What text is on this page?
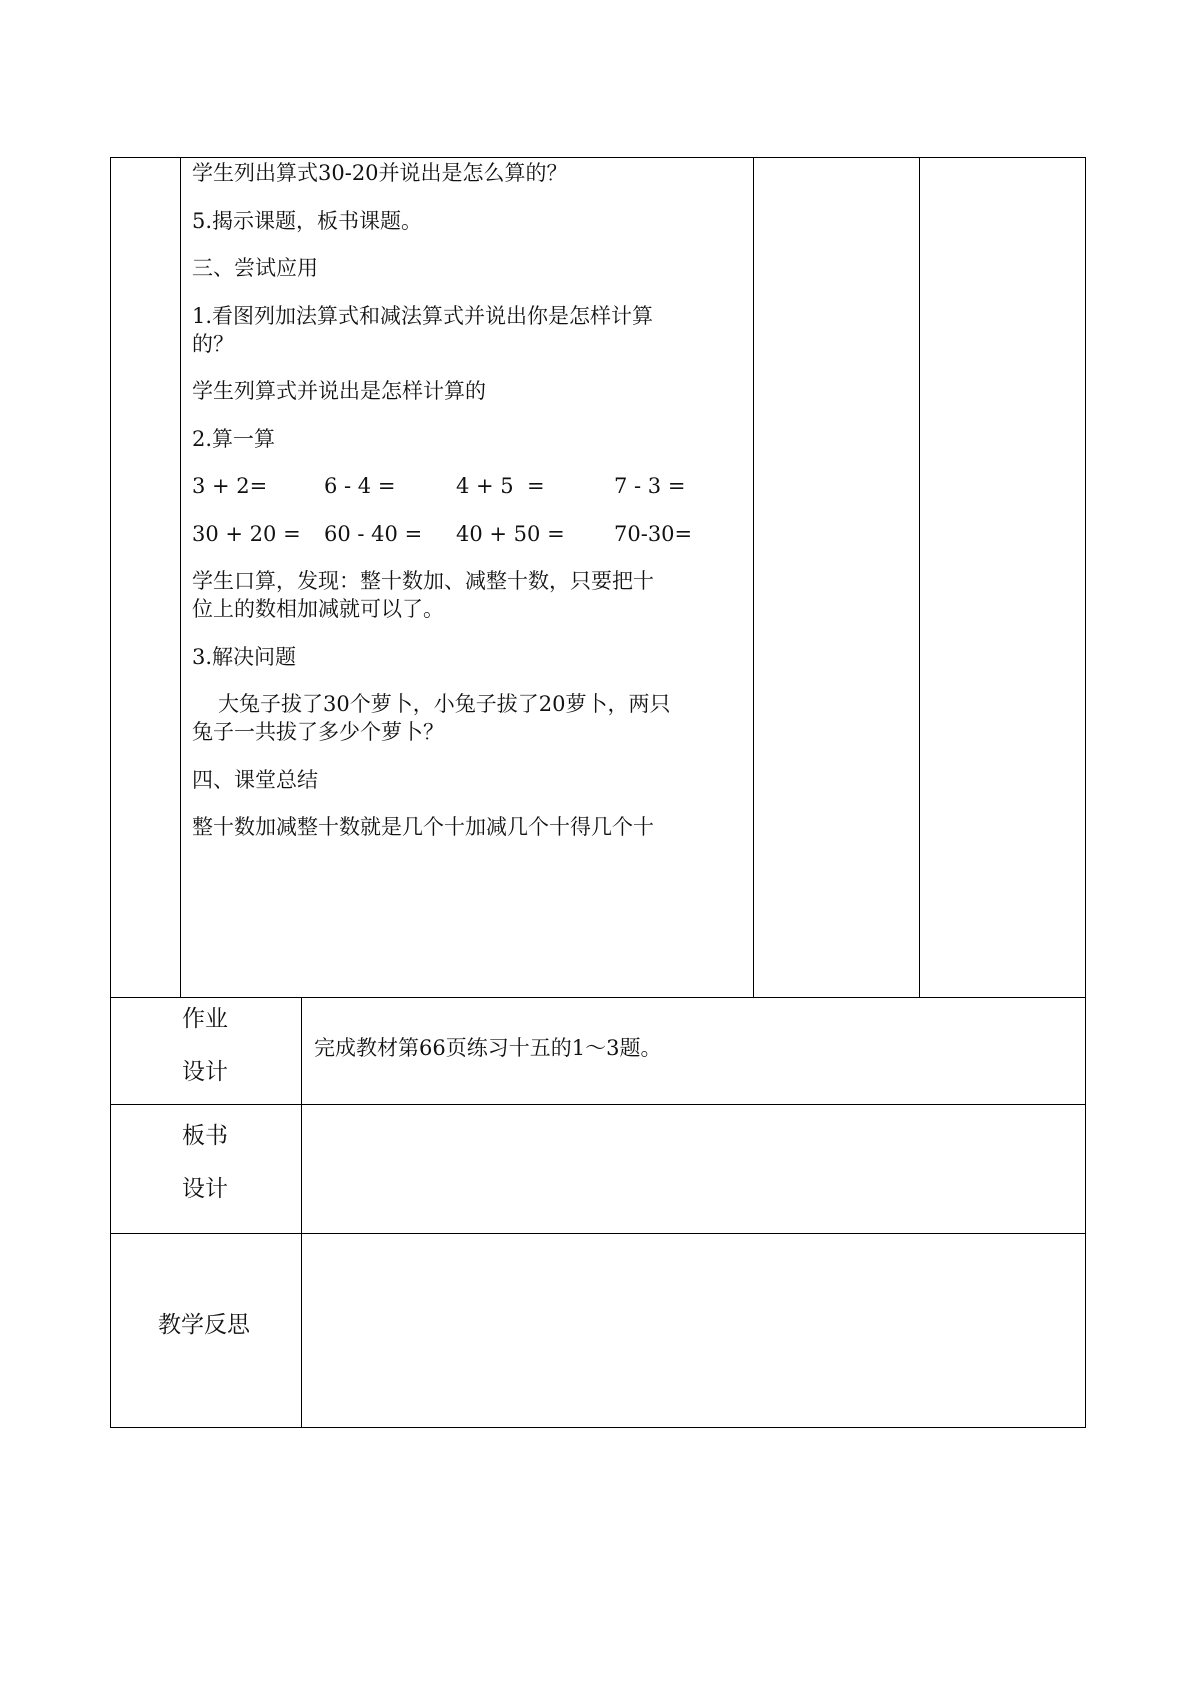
学生列出算式30-20并说出是怎么算的？
5.揭示课题，板书课题。
三、尝试应用
1.看图列加法算式和减法算式并说出你是怎样计算
的？
学生列算式并说出是怎样计算的
2.算一算
3 + 2=	6 - 4 =	4 + 5  =	7 - 3 =
30 + 20 = 60 - 40 = 40 + 50 = 70-30=
学生口算，发现：整十数加、减整十数，只要把十
位上的数相加减就可以了。
3.解决问题
大兔子拔了30个萝卜，小兔子拔了20萝卜，两只
兔子一共拔了多少个萝卜？
四、课堂总结
整十数加减整十数就是几个十加减几个十得几个十
作业
设计
完成教材第66页练习十五的1～3题。
板书
设计
教学反思
